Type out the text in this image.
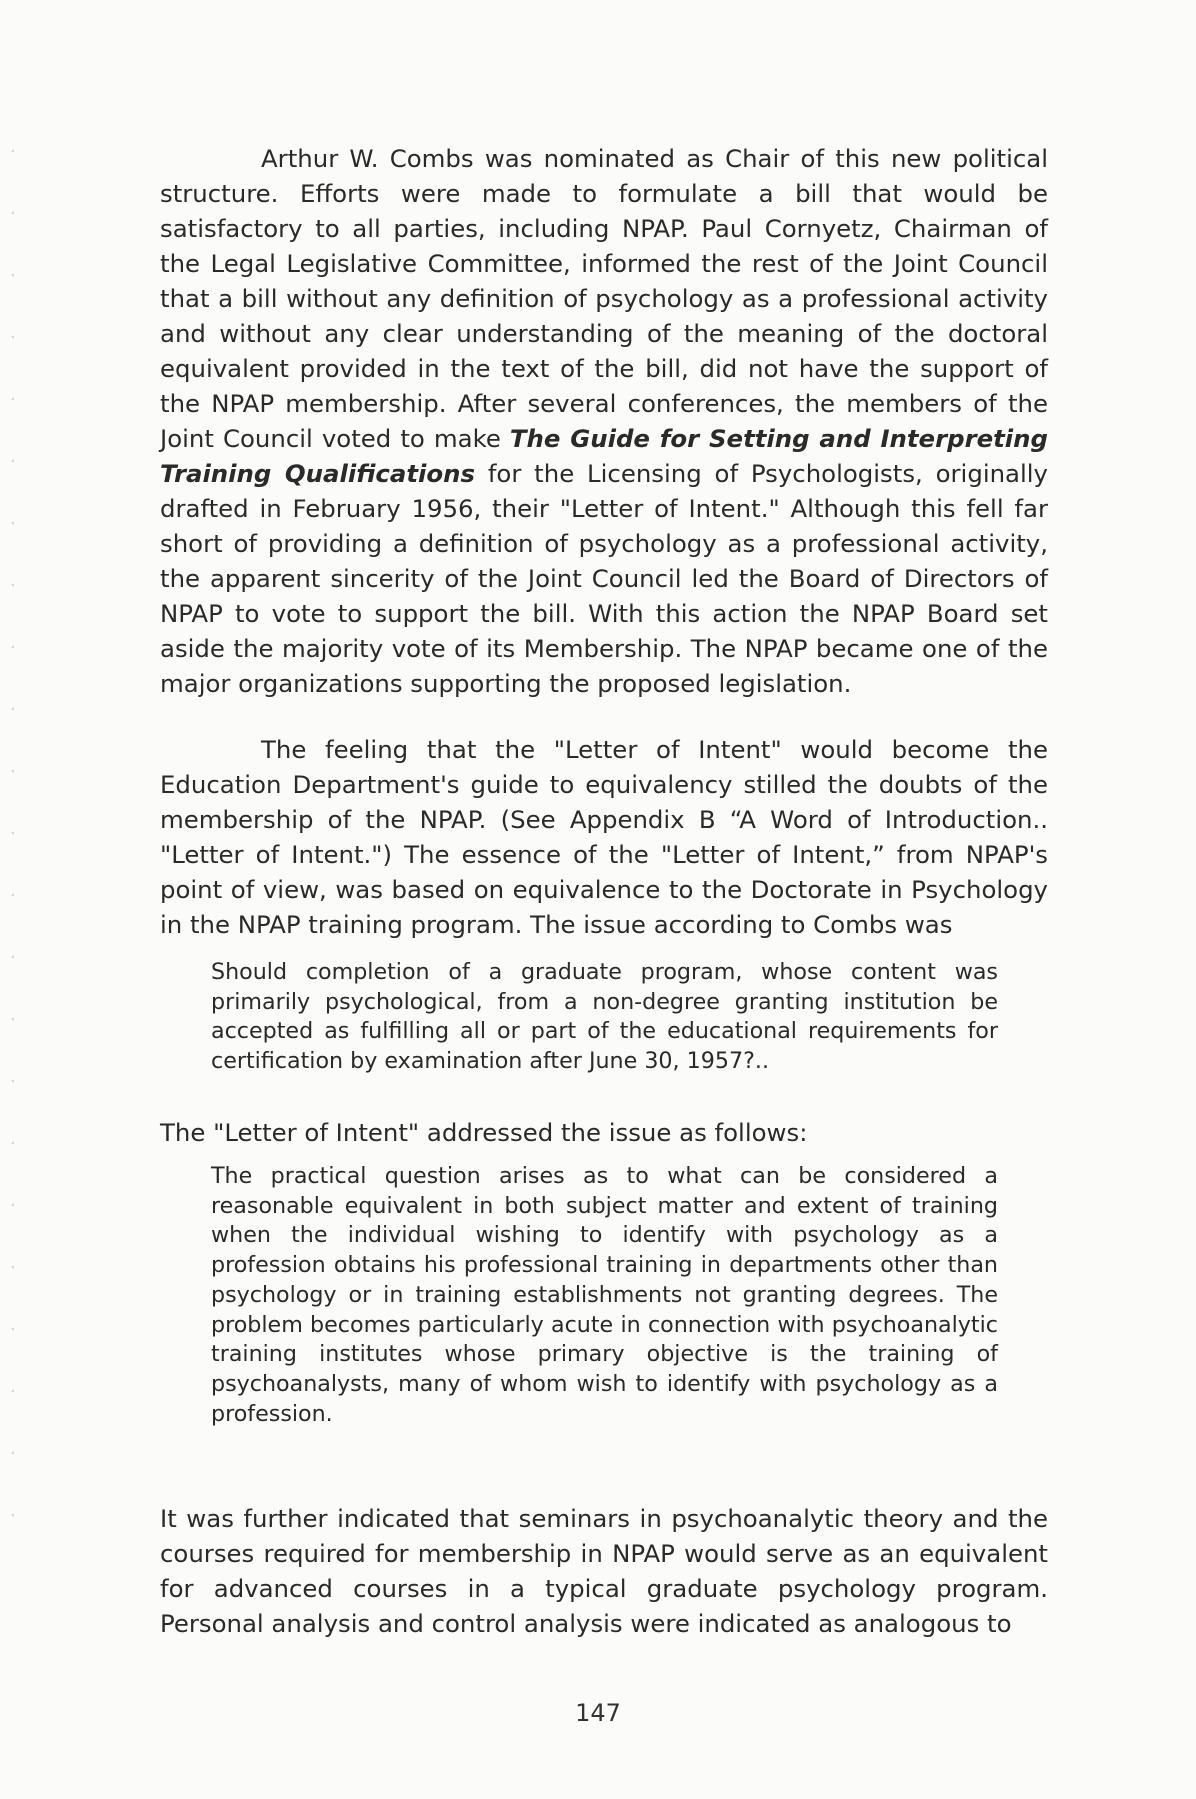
Arthur W. Combs was nominated as Chair of this new political structure. Efforts were made to formulate a bill that would be satisfactory to all parties, including NPAP. Paul Cornyetz, Chairman of the Legal Legislative Committee, informed the rest of the Joint Council that a bill without any definition of psychology as a professional activity and without any clear understanding of the meaning of the doctoral equivalent provided in the text of the bill, did not have the support of the NPAP membership. After several conferences, the members of the Joint Council voted to make The Guide for Setting and Interpreting Training Qualifications for the Licensing of Psychologists, originally drafted in February 1956, their "Letter of Intent." Although this fell far short of providing a definition of psychology as a professional activity, the apparent sincerity of the Joint Council led the Board of Directors of NPAP to vote to support the bill. With this action the NPAP Board set aside the majority vote of its Membership. The NPAP became one of the major organizations supporting the proposed legislation.

The feeling that the "Letter of Intent" would become the Education Department's guide to equivalency stilled the doubts of the membership of the NPAP. (See Appendix B “A Word of Introduction.. "Letter of Intent.") The essence of the "Letter of Intent,” from NPAP's point of view, was based on equivalence to the Doctorate in Psychology in the NPAP training program. The issue according to Combs was

Should completion of a graduate program, whose content was primarily psychological, from a non-degree granting institution be accepted as fulfilling all or part of the educational requirements for certification by examination after June 30, 1957?..

The "Letter of Intent" addressed the issue as follows:

The practical question arises as to what can be considered a reasonable equivalent in both subject matter and extent of training when the individual wishing to identify with psychology as a profession obtains his professional training in departments other than psychology or in training establishments not granting degrees. The problem becomes particularly acute in connection with psychoanalytic training institutes whose primary objective is the training of psychoanalysts, many of whom wish to identify with psychology as a profession.

It was further indicated that seminars in psychoanalytic theory and the courses required for membership in NPAP would serve as an equivalent for advanced courses in a typical graduate psychology program. Personal analysis and control analysis were indicated as analogous to

147
